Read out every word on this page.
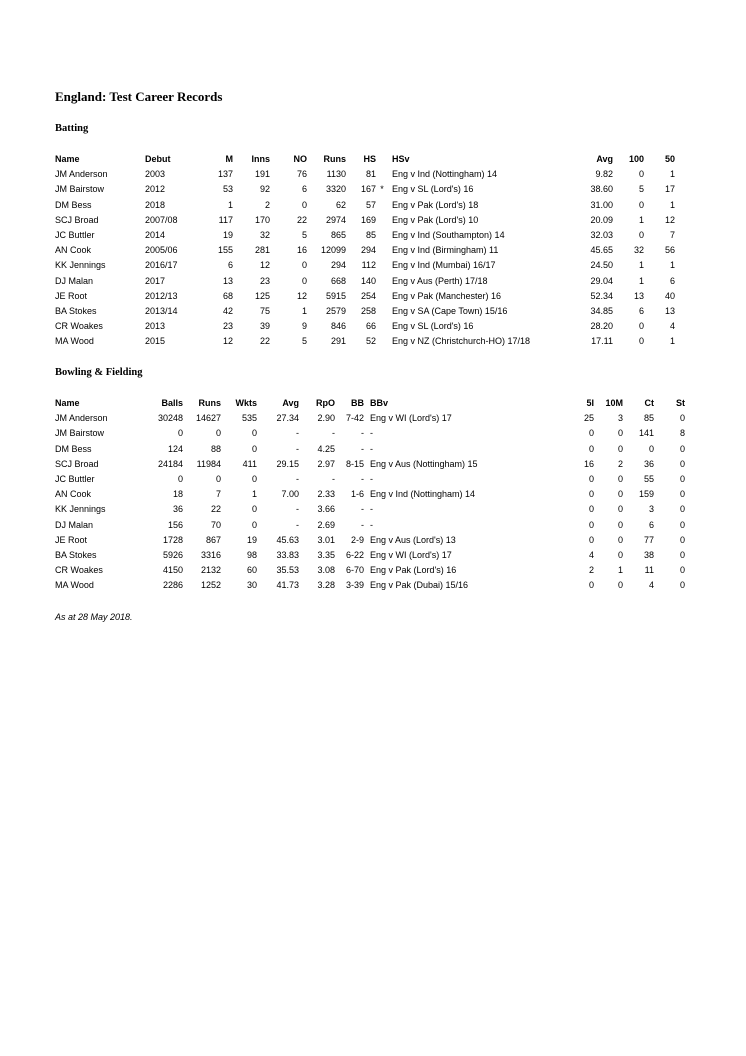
England: Test Career Records
Batting
Name	Debut	M	Inns	NO	Runs	HS		HSv	Avg	100	50
JM Anderson	2003	137	191	76	1130	81		Eng v Ind (Nottingham) 14	9.82	0	1
JM Bairstow	2012	53	92	6	3320	167	*	Eng v SL (Lord's) 16	38.60	5	17
DM Bess	2018	1	2	0	62	57		Eng v Pak (Lord's) 18	31.00	0	1
SCJ Broad	2007/08	117	170	22	2974	169		Eng v Pak (Lord's) 10	20.09	1	12
JC Buttler	2014	19	32	5	865	85		Eng v Ind (Southampton) 14	32.03	0	7
AN Cook	2005/06	155	281	16	12099	294		Eng v Ind (Birmingham) 11	45.65	32	56
KK Jennings	2016/17	6	12	0	294	112		Eng v Ind (Mumbai) 16/17	24.50	1	1
DJ Malan	2017	13	23	0	668	140		Eng v Aus (Perth) 17/18	29.04	1	6
JE Root	2012/13	68	125	12	5915	254		Eng v Pak (Manchester) 16	52.34	13	40
BA Stokes	2013/14	42	75	1	2579	258		Eng v SA (Cape Town) 15/16	34.85	6	13
CR Woakes	2013	23	39	9	846	66		Eng v SL (Lord's) 16	28.20	0	4
MA Wood	2015	12	22	5	291	52		Eng v NZ (Christchurch-HO) 17/18	17.11	0	1
Bowling & Fielding
Name	Balls	Runs	Wkts	Avg	RpO	BB	BBv	5I	10M	Ct	St
JM Anderson	30248	14627	535	27.34	2.90	7-42	Eng v WI (Lord's) 17	25	3	85	0
JM Bairstow	0	0	0	-	-	-	-	0	0	141	8
DM Bess	124	88	0	-	4.25	-	-	0	0	0	0
SCJ Broad	24184	11984	411	29.15	2.97	8-15	Eng v Aus (Nottingham) 15	16	2	36	0
JC Buttler	0	0	0	-	-	-	-	0	0	55	0
AN Cook	18	7	1	7.00	2.33	1-6	Eng v Ind (Nottingham) 14	0	0	159	0
KK Jennings	36	22	0	-	3.66	-	-	0	0	3	0
DJ Malan	156	70	0	-	2.69	-	-	0	0	6	0
JE Root	1728	867	19	45.63	3.01	2-9	Eng v Aus (Lord's) 13	0	0	77	0
BA Stokes	5926	3316	98	33.83	3.35	6-22	Eng v WI (Lord's) 17	4	0	38	0
CR Woakes	4150	2132	60	35.53	3.08	6-70	Eng v Pak (Lord's) 16	2	1	11	0
MA Wood	2286	1252	30	41.73	3.28	3-39	Eng v Pak (Dubai) 15/16	0	0	4	0
As at 28 May 2018.
